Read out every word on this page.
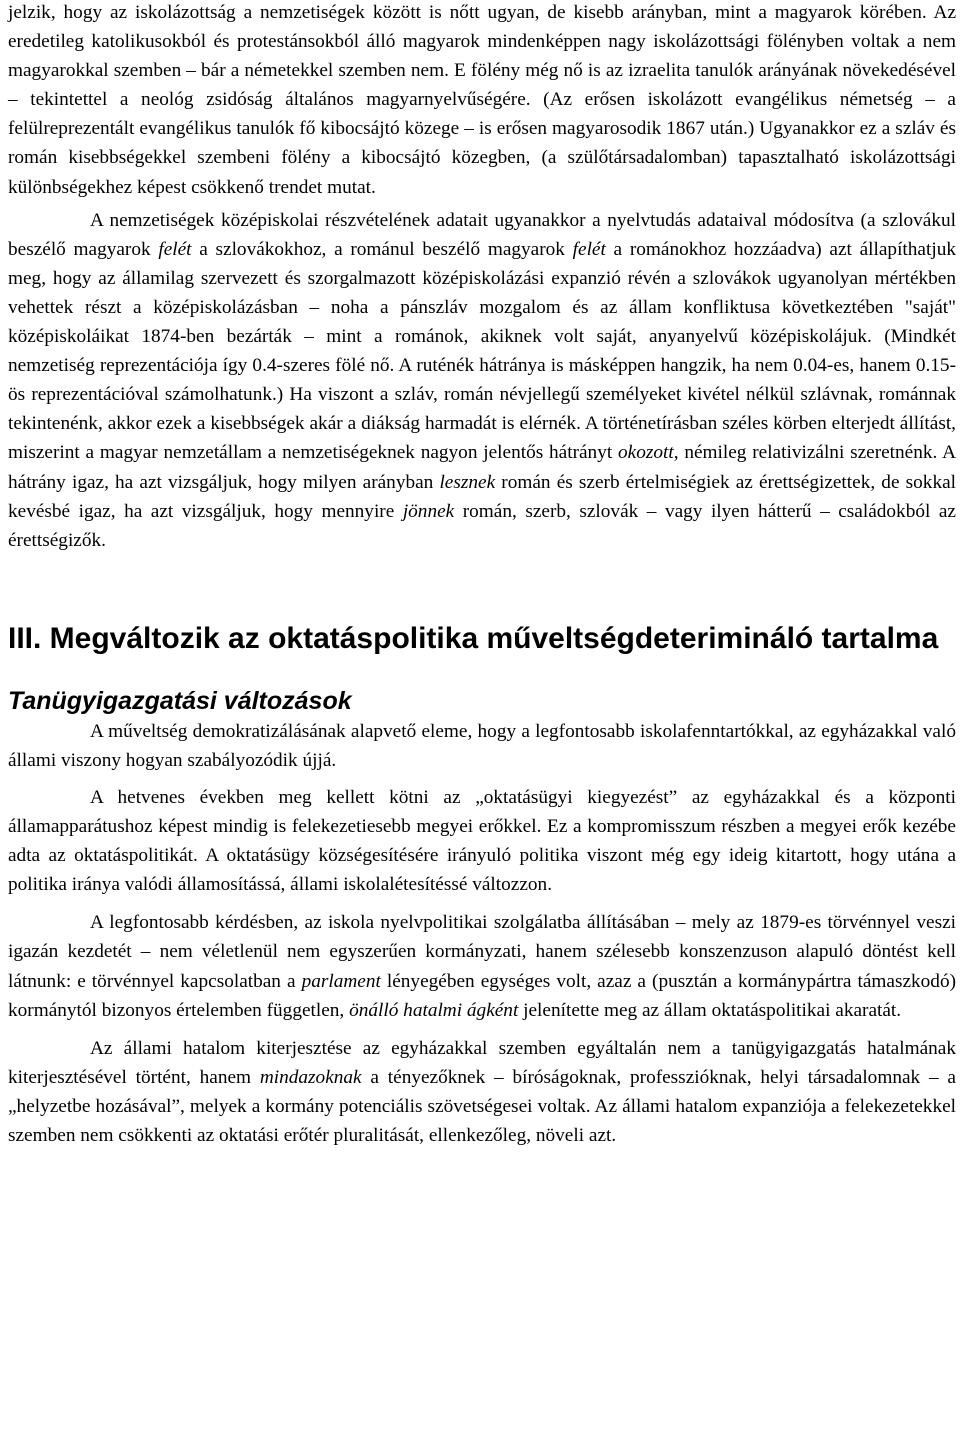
jelzik, hogy az iskolázottság a nemzetiségek között is nőtt ugyan, de kisebb arányban, mint a magyarok körében. Az eredetileg katolikusokból és protestánsokból álló magyarok mindenképpen nagy iskolázottsági fölényben voltak a nem magyarokkal szemben – bár a németekkel szemben nem. E fölény még nő is az izraelita tanulók arányának növekedésével – tekintettel a neológ zsidóság általános magyarnyelvűségére. (Az erősen iskolázott evangélikus németség – a felülreprezentált evangélikus tanulók fő kibocsájtó közege – is erősen magyarosodik 1867 után.) Ugyanakkor ez a szláv és román kisebbségekkel szembeni fölény a kibocsájtó közegben, (a szülőtársadalomban) tapasztalható iskolázottsági különbségekhez képest csökkenő trendet mutat.

A nemzetiségek középiskolai részvételének adatait ugyanakkor a nyelvtudás adataival módosítva (a szlovákul beszélő magyarok felét a szlovákokhoz, a románul beszélő magyarok felét a románokhoz hozzáadva) azt állapíthatjuk meg, hogy az államilag szervezett és szorgalmazott középiskolázási expanzió révén a szlovákok ugyanolyan mértékben vehettek részt a középiskolázásban – noha a pánszláv mozgalom és az állam konfliktusa következtében "saját" középiskoláikat 1874-ben bezárták – mint a románok, akiknek volt saját, anyanyelvű középiskolájuk. (Mindkét nemzetiség reprezentációja így 0.4-szeres fölé nő. A ruténék hátránya is másképpen hangzik, ha nem 0.04-es, hanem 0.15-ös reprezentációval számolhatunk.) Ha viszont a szláv, román névjellegű személyeket kivétel nélkül szlávnak, románnak tekintenénk, akkor ezek a kisebbségek akár a diákság harmadát is elérnék. A történetírásban széles körben elterjedt állítást, miszerint a magyar nemzetállam a nemzetiségeknek nagyon jelentős hátrányt okozott, némileg relativizálni szeretnénk. A hátrány igaz, ha azt vizsgáljuk, hogy milyen arányban lesznek román és szerb értelmiségiek az érettségizettek, de sokkal kevésbé igaz, ha azt vizsgáljuk, hogy mennyire jönnek román, szerb, szlovák – vagy ilyen hátterű – családokból az érettségizők.

III. Megváltozik az oktatáspolitika műveltségdeterimináló tartalma
Tanügyigazgatási változások

A műveltség demokratizálásának alapvető eleme, hogy a legfontosabb iskolafenntartókkal, az egyházakkal való állami viszony hogyan szabályozódik újjá.

A hetvenes években meg kellett kötni az „oktatásügyi kiegyezést” az egyházakkal és a központi államapparátushoz képest mindig is felekezetiesebb megyei erőkkel. Ez a kompromisszum részben a megyei erők kezébe adta az oktatáspolitikát. A oktatásügy községesítésére irányuló politika viszont még egy ideig kitartott, hogy utána a politika iránya valódi államosítássá, állami iskolalétesítéssé változzon.

A legfontosabb kérdésben, az iskola nyelvpolitikai szolgálatba állításában – mely az 1879-es törvénnyel veszi igazán kezdetét – nem véletlenül nem egyszerűen kormányzati, hanem szélesebb konszenzuson alapuló döntést kell látnunk: e törvénnyel kapcsolatban a parlament lényegében egységes volt, azaz a (pusztán a kormánypártra támaszkodó) kormánytól bizonyos értelemben független, önálló hatalmi ágként jelenítette meg az állam oktatáspolitikai akaratát.

Az állami hatalom kiterjesztése az egyházakkal szemben egyáltalán nem a tanügyigazgatás hatalmának kiterjesztésével történt, hanem mindazoknak a tényezőknek – bíróságoknak, professzióknak, helyi társadalomnak – a „helyzetbe hozásával”, melyek a kormány potenciális szövetségesei voltak. Az állami hatalom expanziója a felekezetekkel szemben nem csökkenti az oktatási erőtér pluralitását, ellenkezőleg, növeli azt.
